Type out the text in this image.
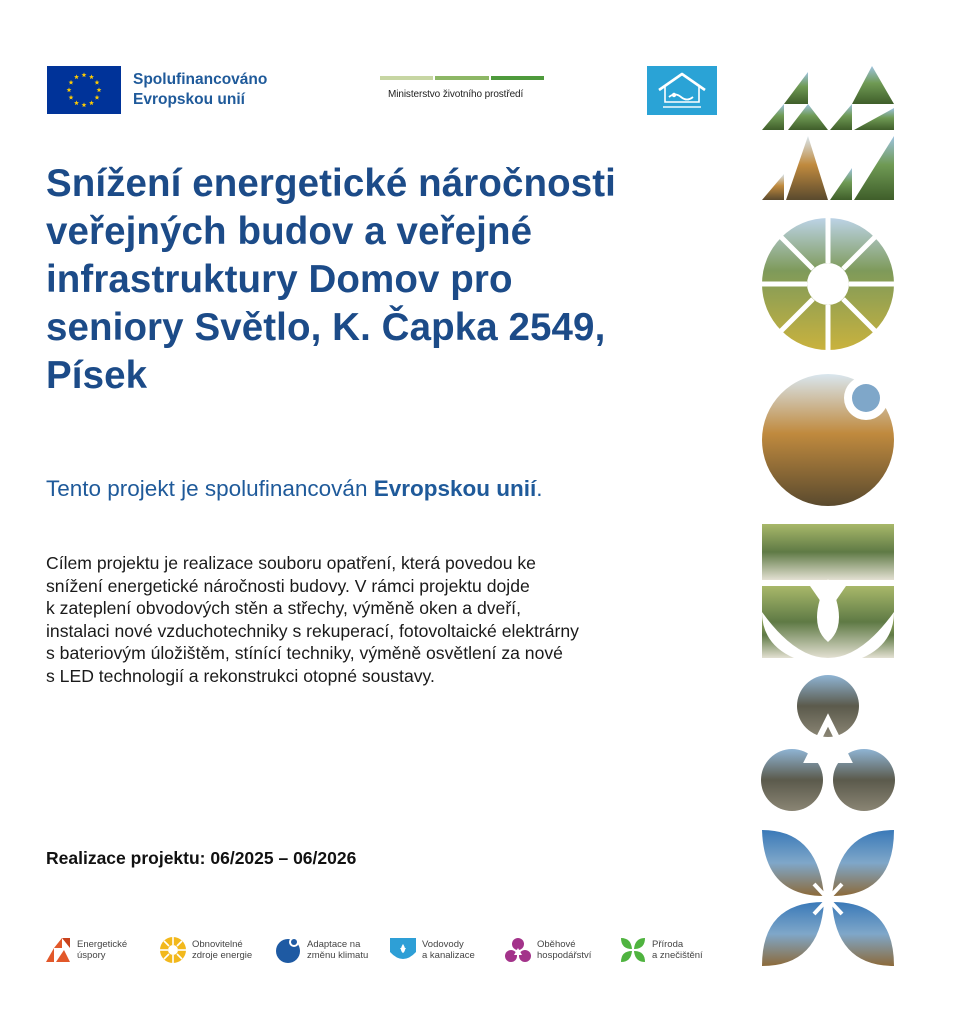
Spolufinancováno
Evropskou unií	Ministerstvo životního prostředí
Snížení energetické náročnosti
veřejných budov a veřejné
infrastruktury Domov pro
seniory Světlo, K. Čapka 2549,
Písek
Tento projekt je spolufinancován Evropskou unií.
Cílem projektu je realizace souboru opatření, která povedou ke
snížení energetické náročnosti budovy. V rámci projektu dojde
k zateplení obvodových stěn a střechy, výměně oken a dveří,
instalaci nové vzduchotechniky s rekuperací, fotovoltaické elektrárny
s bateriovým úložištěm, stínící techniky, výměně osvětlení za nové
s LED technologií a rekonstrukci otopné soustavy.
Realizace projektu: 06/2025 – 06/2026
Energetické
úspory
Obnovitelné
zdroje energie
Adaptace na
změnu klimatu
Vodovody
a kanalizace
Oběhové
hospodářství
Příroda
a znečištění
